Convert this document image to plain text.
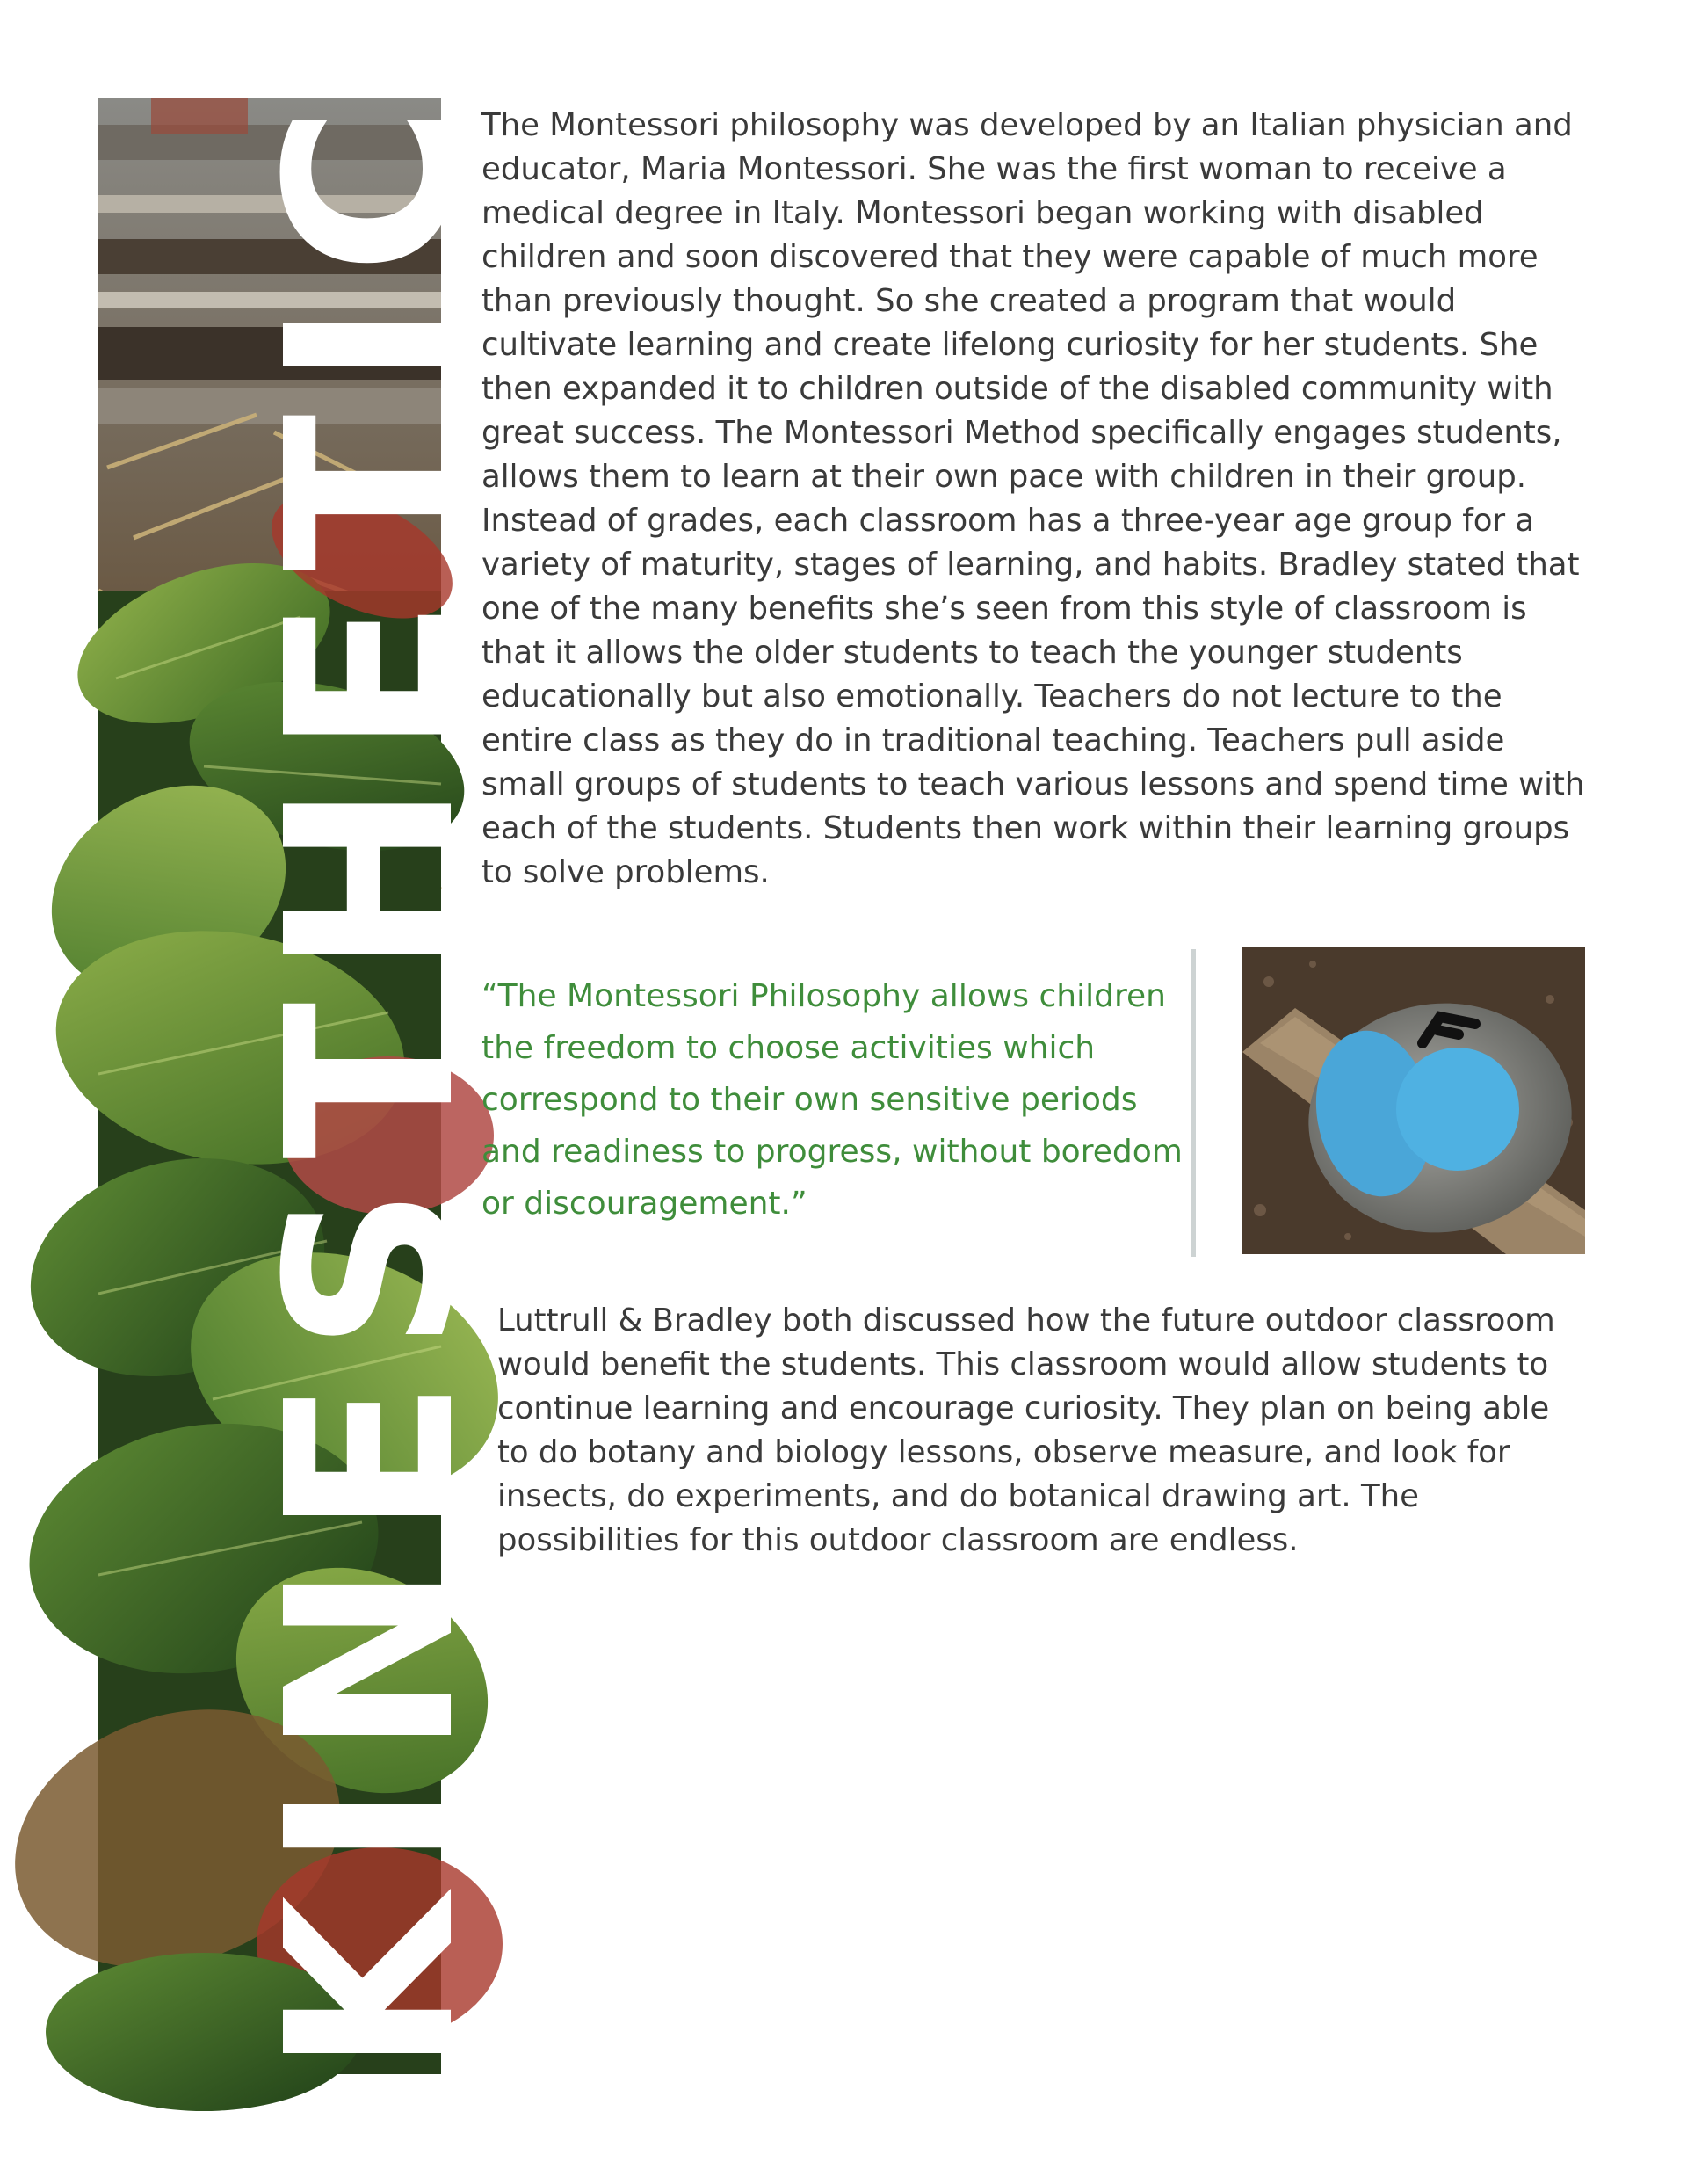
K
I
N
E
S
T
H
E
T
I
C

The Montessori philosophy was developed by an Italian physician and educator, Maria Montessori. She was the first woman to receive a medical degree in Italy. Montessori began working with disabled children and soon discovered that they were capable of much more than previously thought. So she created a program that would cultivate learning and create lifelong curiosity for her students. She then expanded it to children outside of the disabled community with great success. The Montessori Method specifically engages students, allows them to learn at their own pace with children in their group. Instead of grades, each classroom has a three-year age group for a variety of maturity, stages of learning, and habits. Bradley stated that one of the many benefits she’s seen from this style of classroom is that it allows the older students to teach the younger students educationally but also emotionally. Teachers do not lecture to the entire class as they do in traditional teaching. Teachers pull aside small groups of students to teach various lessons and spend time with each of the students. Students then work within their learning groups to solve problems.

“The Montessori Philosophy allows children the freedom to choose activities which correspond to their own sensitive periods and readiness to progress, without boredom or discouragement.”

Luttrull & Bradley both discussed how the future outdoor classroom would benefit the students. This classroom would allow students to continue learning and encourage curiosity. They plan on being able to do botany and biology lessons, observe measure, and look for insects, do experiments, and do botanical drawing art. The possibilities for this outdoor classroom are endless.
